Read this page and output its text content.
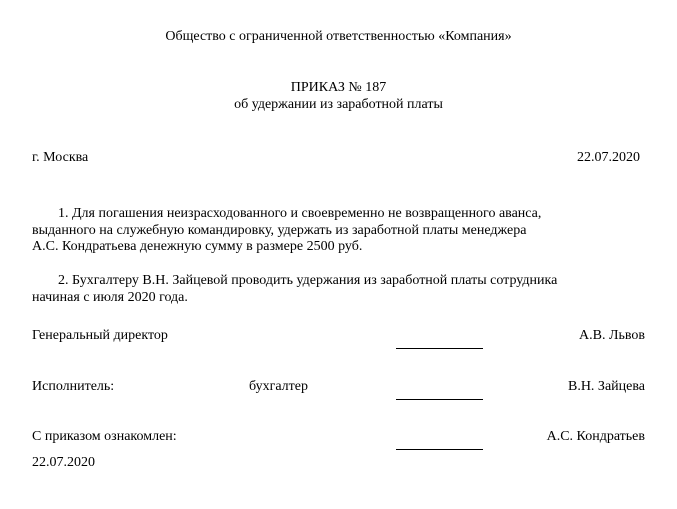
Общество с ограниченной ответственностью «Компания»
ПРИКАЗ № 187
об удержании из заработной платы
г. Москва	22.07.2020
1. Для погашения неизрасходованного и своевременно не возвращенного аванса,
выданного на служебную командировку, удержать из заработной платы менеджера
А.С. Кондратьева денежную сумму в размере 2500 руб.
2. Бухгалтеру В.Н. Зайцевой проводить удержания из заработной платы сотрудника
начиная с июля 2020 года.
Генеральный директор	А.В. Львов
Исполнитель:	бухгалтер	В.Н. Зайцева
С приказом ознакомлен:	А.С. Кондратьев
22.07.2020
